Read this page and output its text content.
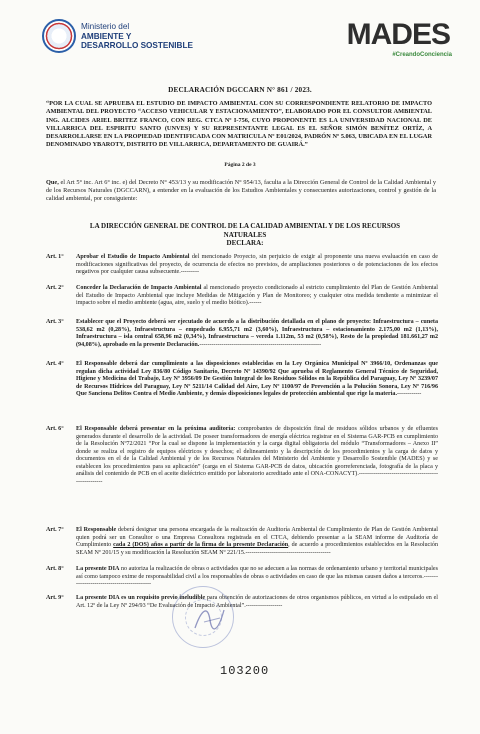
Ministerio del
AMBIENTE Y
DESARROLLO SOSTENIBLE	MADES
#CreandoConciencia
DECLARACIÓN DGCCARN N° 861 / 2023.
“POR LA CUAL SE APRUEBA EL ESTUDIO DE IMPACTO AMBIENTAL CON SU CORRESPONDIENTE RELATORIO DE IMPACTO AMBIENTAL DEL PROYECTO “ACCESO VEHICULAR Y ESTACIONAMIENTO”, ELABORADO POR EL CONSULTOR AMBIENTAL ING. ALCIDES ARIEL BRITEZ FRANCO, CON REG. CTCA Nº I-756, CUYO PROPONENTE ES LA UNIVERSIDAD NACIONAL DE VILLARRICA DEL ESPIRITU SANTO (UNVES) Y SU REPRESENTANTE LEGAL ES EL SEÑOR SIMÓN BENÍTEZ ORTÍZ, A DESARROLLARSE EN LA PROPIEDAD IDENTIFICADA CON MATRICULA Nº E01/2024, PADRÓN Nº 5.063, UBICADA EN EL LUGAR DENOMINADO YBAROTY, DISTRITO DE VILLARRICA, DEPARTAMENTO DE GUAIRÁ.”
Página 2 de 3
Que, el Art 5° inc. Art 6° inc. e) del Decreto N° 453/13 y su modificación N° 954/13, faculta a la Dirección General de Control de la Calidad Ambiental y de los Recursos Naturales (DGCCARN), a entender en la evaluación de los Estudios Ambientales y consecuentes autorizaciones, control y gestión de la calidad ambiental, por consiguiente:
LA DIRECCIÓN GENERAL DE CONTROL DE LA CALIDAD AMBIENTAL Y DE LOS RECURSOS
NATURALES
DECLARA:
Art. 1°	Aprobar el Estudio de Impacto Ambiental del mencionado Proyecto, sin perjuicio de exigir al proponente una nueva evaluación en caso de modificaciones significativas del proyecto, de ocurrencia de efectos no previstos, de ampliaciones posteriores o de potenciaciones de los efectos negativos por cualquier causa subsecuente.---------
Art. 2°	Conceder la Declaración de Impacto Ambiental al mencionado proyecto condicionado al estricto cumplimiento del Plan de Gestión Ambiental del Estudio de Impacto Ambiental que incluye Medidas de Mitigación y Plan de Monitoreo; y cualquier otra medida tendiente a minimizar el impacto sobre el medio ambiente (agua, aire, suelo y el medio biótico).------
Art. 3°	Establecer que el Proyecto deberá ser ejecutado de acuerdo a la distribución detallada en el plano de proyecto: Infraestructura – cuneta 538,62 m2 (0,28%), Infraestructura – empedrado 6.955,71 m2 (3,60%), Infraestructura – estacionamiento 2.175,00 m2 (1,13%), Infraestructura – isla central 658,96 m2 (0,34%), Infraestructura – vereda 1.112m, 53 m2 (0,58%), Resto de la propiedad 181.661,27 m2 (94,08%), aprobado en la presente Declaración.------------------------------------------------------------
Art. 4°	El Responsable deberá dar cumplimiento a las disposiciones establecidas en la Ley Orgánica Municipal Nº 3966/10, Ordenanzas que regulan dicha actividad Ley 836/80 Código Sanitario, Decreto Nº 14390/92 Que aprueba el Reglamento General Técnico de Seguridad, Higiene y Medicina del Trabajo, Ley Nº 3956/09 De Gestión Integral de los Residuos Sólidos en la República del Paraguay, Ley Nº 3239/07 de Recursos Hídricos del Paraguay, Ley Nº 5211/14 Calidad del Aire, Ley Nº 1100/97 de Prevención a la Polución Sonora, Ley Nº 716/96 Que Sanciona Delitos Contra el Medio Ambiente, y demás disposiciones legales de protección ambiental que rige la materia.------------
Art. 6°	El Responsable deberá presentar en la próxima auditoría: comprobantes de disposición final de residuos sólidos urbanos y de efluentes generados durante el desarrollo de la actividad. De poseer transformadores de energía eléctrica registrar en el Sistema GAR-PCB en cumplimiento de la Resolución Nº72/2021 “Por la cual se dispone la implementación y la carga digital obligatoria del módulo “Transformadores – Anexo II” donde se realiza el registro de equipos eléctricos y desechos; el delineamiento y la descripción de los procedimientos y la carga de datos y documentos en el de la Calidad Ambiental y de los Recursos Naturales del Ministerio del Ambiente y Desarrollo Sostenible (MADES) y se establecen los procedimientos para su aplicación” (carga en el Sistema GAR-PCB de datos, ubicación georreferenciada, fotografía de la placa y análisis del contenido de PCB en el aceite dieléctrico emitido por laboratorio acreditado ante el ONA-CONACYT).----------------------------------------------------
Art. 7°	El Responsable deberá designar una persona encargada de la realización de Auditoría Ambiental de Cumplimiento de Plan de Gestión Ambiental quien podrá ser un Consultor o una Empresa Consultora registrada en el CTCA, debiendo presentar a la SEAM informe de Auditoría de Cumplimiento cada 2 (DOS) años a partir de la firma de la presente Declaración, de acuerdo a procedimientos establecidos en la Resolución SEAM Nº 201/15 y su modificación la Resolución SEAM Nº 221/15.------------------------------------------
Art. 8°	La presente DIA no autoriza la realización de obras o actividades que no se adecuen a las normas de ordenamiento urbano y territorial municipales así como tampoco exime de responsabilidad civil a los responsables de obras o actividades en caso de que las mismas causen daños a terceros.--------------------------------------------
Art. 9°	La presente DIA es un requisito previo ineludible para obtención de autorizaciones de otros organismos públicos, en virtud a lo estipulado en el Art. 12º de la Ley Nº 294/93 “De Evaluación de Impacto Ambiental”.------------------
103200
